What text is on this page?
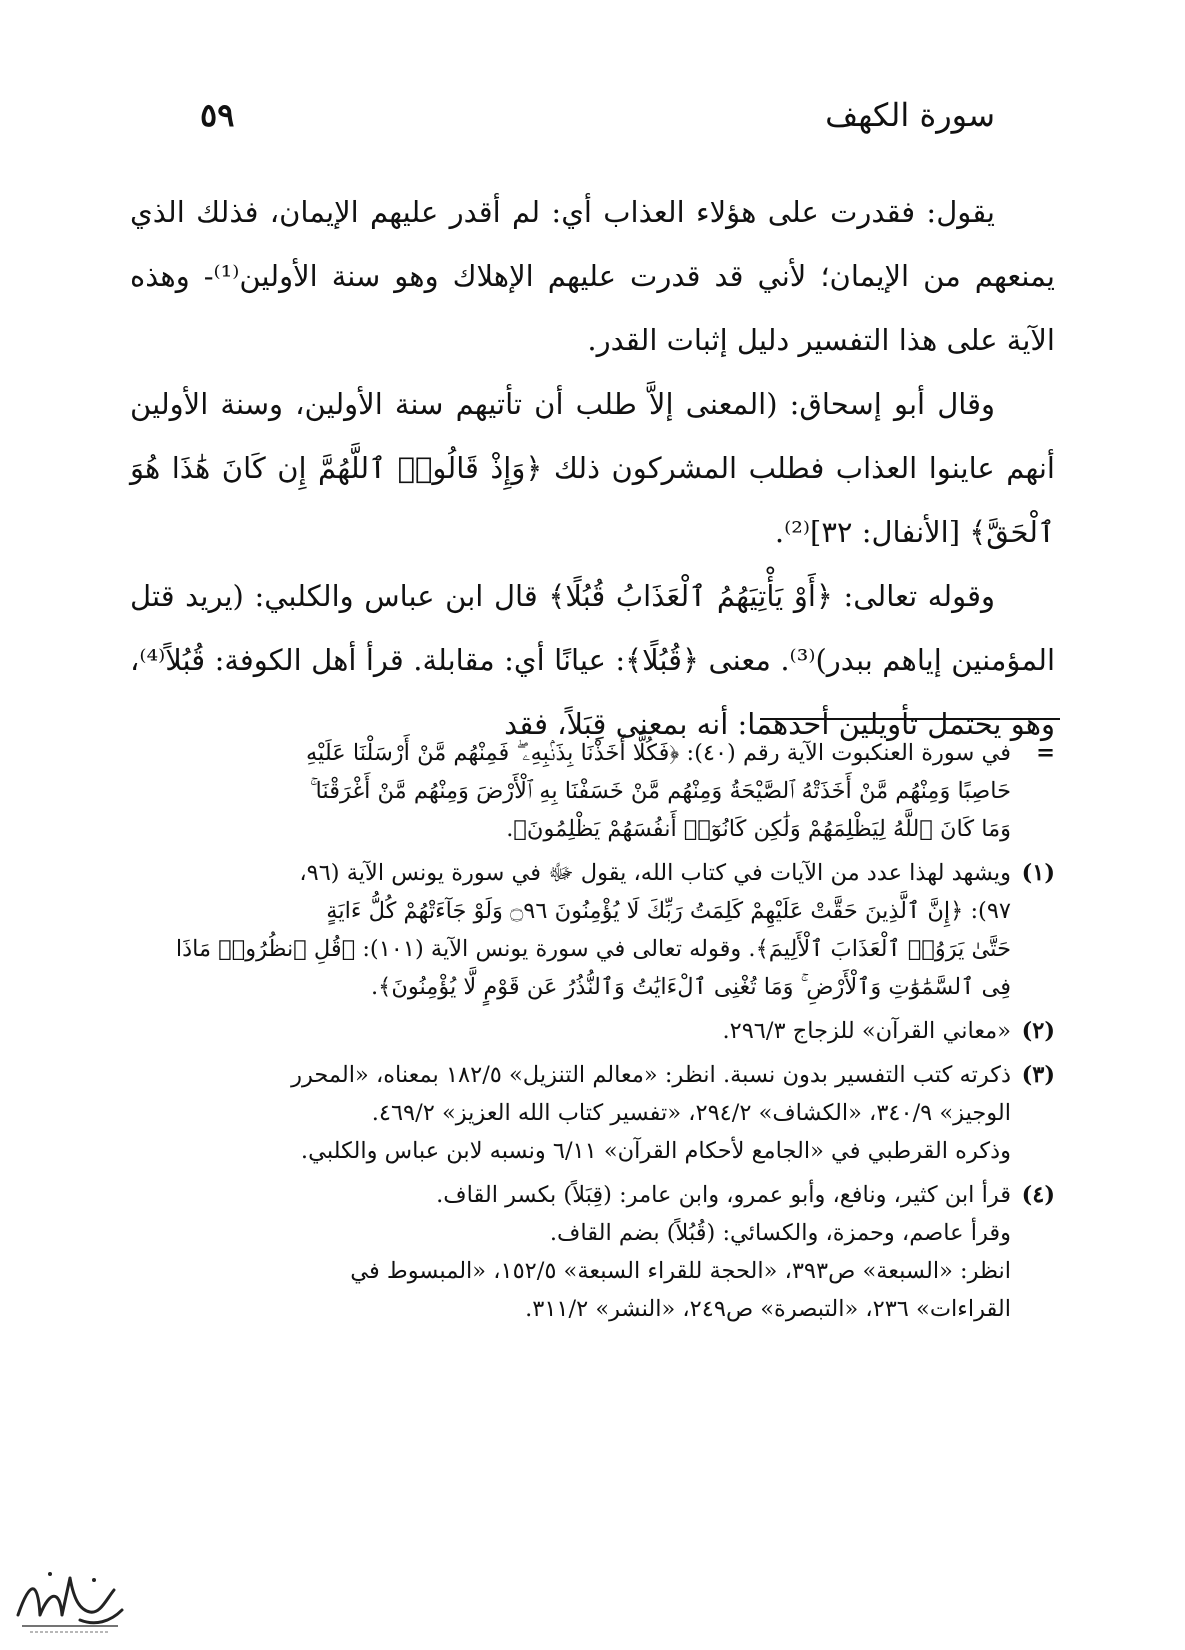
٥٩	سورة الكهف

يقول: فقدرت على هؤلاء العذاب أي: لم أقدر عليهم الإيمان، فذلك الذي يمنعهم من الإيمان؛ لأني قد قدرت عليهم الإهلاك وهو سنة الأولين⁽¹⁾- وهذه الآية على هذا التفسير دليل إثبات القدر.

وقال أبو إسحاق: (المعنى إلاَّ طلب أن تأتيهم سنة الأولين، وسنة الأولين أنهم عاينوا العذاب فطلب المشركون ذلك ﴿وَإِذْ قَالُوا۟ ٱللَّهُمَّ إِن كَانَ هَٰذَا هُوَ ٱلْحَقَّ﴾ [الأنفال: ٣٢]⁽²⁾.

وقوله تعالى: ﴿أَوْ يَأْتِيَهُمُ ٱلْعَذَابُ قُبُلًا﴾ قال ابن عباس والكلبي: (يريد قتل المؤمنين إياهم ببدر)⁽³⁾. معنى ﴿قُبُلًا﴾: عيانًا أي: مقابلة. قرأ أهل الكوفة: قُبُلاً⁽⁴⁾، وهو يحتمل تأويلين أحدهما: أنه بمعنى قِبَلاً، فقد

=
في سورة العنكبوت الآية رقم (٤٠): ﴿فَكُلًّا أَخَذْنَا بِذَنۢبِهِۦ ۖ فَمِنْهُم مَّنْ أَرْسَلْنَا عَلَيْهِ
حَاصِبًا وَمِنْهُم مَّنْ أَخَذَتْهُ ٱلصَّيْحَةُ وَمِنْهُم مَّنْ خَسَفْنَا بِهِ ٱلْأَرْضَ وَمِنْهُم مَّنْ أَغْرَقْنَا ۚ
وَمَا كَانَ ٱللَّهُ لِيَظْلِمَهُمْ وَلَٰكِن كَانُوٓا۟ أَنفُسَهُمْ يَظْلِمُونَ﴾.
(١)
ويشهد لهذا عدد من الآيات في كتاب الله، يقول ﷻ في سورة يونس الآية (٩٦،
٩٧): ﴿إِنَّ ٱلَّذِينَ حَقَّتْ عَلَيْهِمْ كَلِمَتُ رَبِّكَ لَا يُؤْمِنُونَ ۝٩٦ وَلَوْ جَآءَتْهُمْ كُلُّ ءَايَةٍ
حَتَّىٰ يَرَوُا۟ ٱلْعَذَابَ ٱلْأَلِيمَ﴾. وقوله تعالى في سورة يونس الآية (١٠١): ﴿قُلِ ٱنظُرُوا۟ مَاذَا
فِى ٱلسَّمَٰوَٰتِ وَٱلْأَرْضِ ۚ وَمَا تُغْنِى ٱلْءَايَٰتُ وَٱلنُّذُرُ عَن قَوْمٍ لَّا يُؤْمِنُونَ﴾.
(٢)
«معاني القرآن» للزجاج ٢٩٦/٣.
(٣)
ذكرته كتب التفسير بدون نسبة. انظر: «معالم التنزيل» ١٨٢/٥ بمعناه، «المحرر
الوجيز» ٣٤٠/٩، «الكشاف» ٢٩٤/٢، «تفسير كتاب الله العزيز» ٤٦٩/٢.
وذكره القرطبي في «الجامع لأحكام القرآن» ٦/١١ ونسبه لابن عباس والكلبي.
(٤)
قرأ ابن كثير، ونافع، وأبو عمرو، وابن عامر: (قِبَلاً) بكسر القاف.
وقرأ عاصم، وحمزة، والكسائي: (قُبُلاً) بضم القاف.
انظر: «السبعة» ص٣٩٣، «الحجة للقراء السبعة» ١٥٢/٥، «المبسوط في
القراءات» ٢٣٦، «التبصرة» ص٢٤٩، «النشر» ٣١١/٢.
